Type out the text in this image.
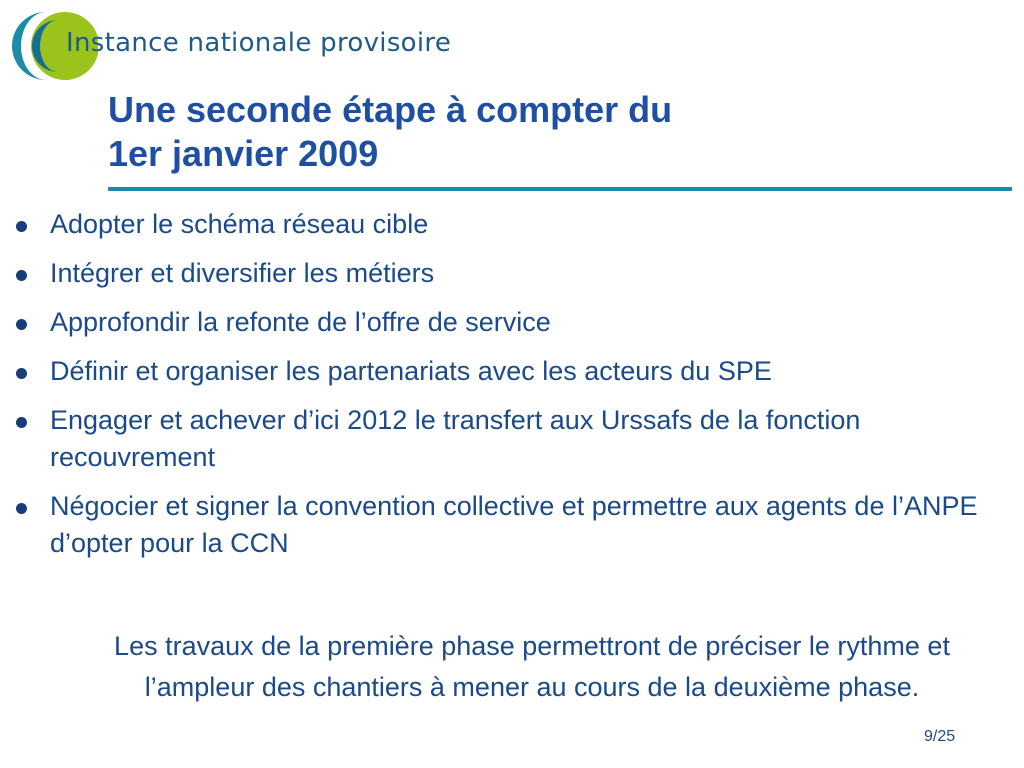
Instance nationale provisoire
Une seconde étape à compter du
1er janvier 2009
Adopter le schéma réseau cible
Intégrer et diversifier les métiers
Approfondir la refonte de l’offre de service
Définir et organiser les partenariats avec les acteurs du SPE
Engager et achever d’ici 2012 le transfert aux Urssafs de la fonction recouvrement
Négocier et signer la convention collective et permettre aux agents de l’ANPE d’opter pour la CCN

Les travaux de la première phase permettront de préciser le rythme et l’ampleur des chantiers à mener au cours de la deuxième phase.

9/25
